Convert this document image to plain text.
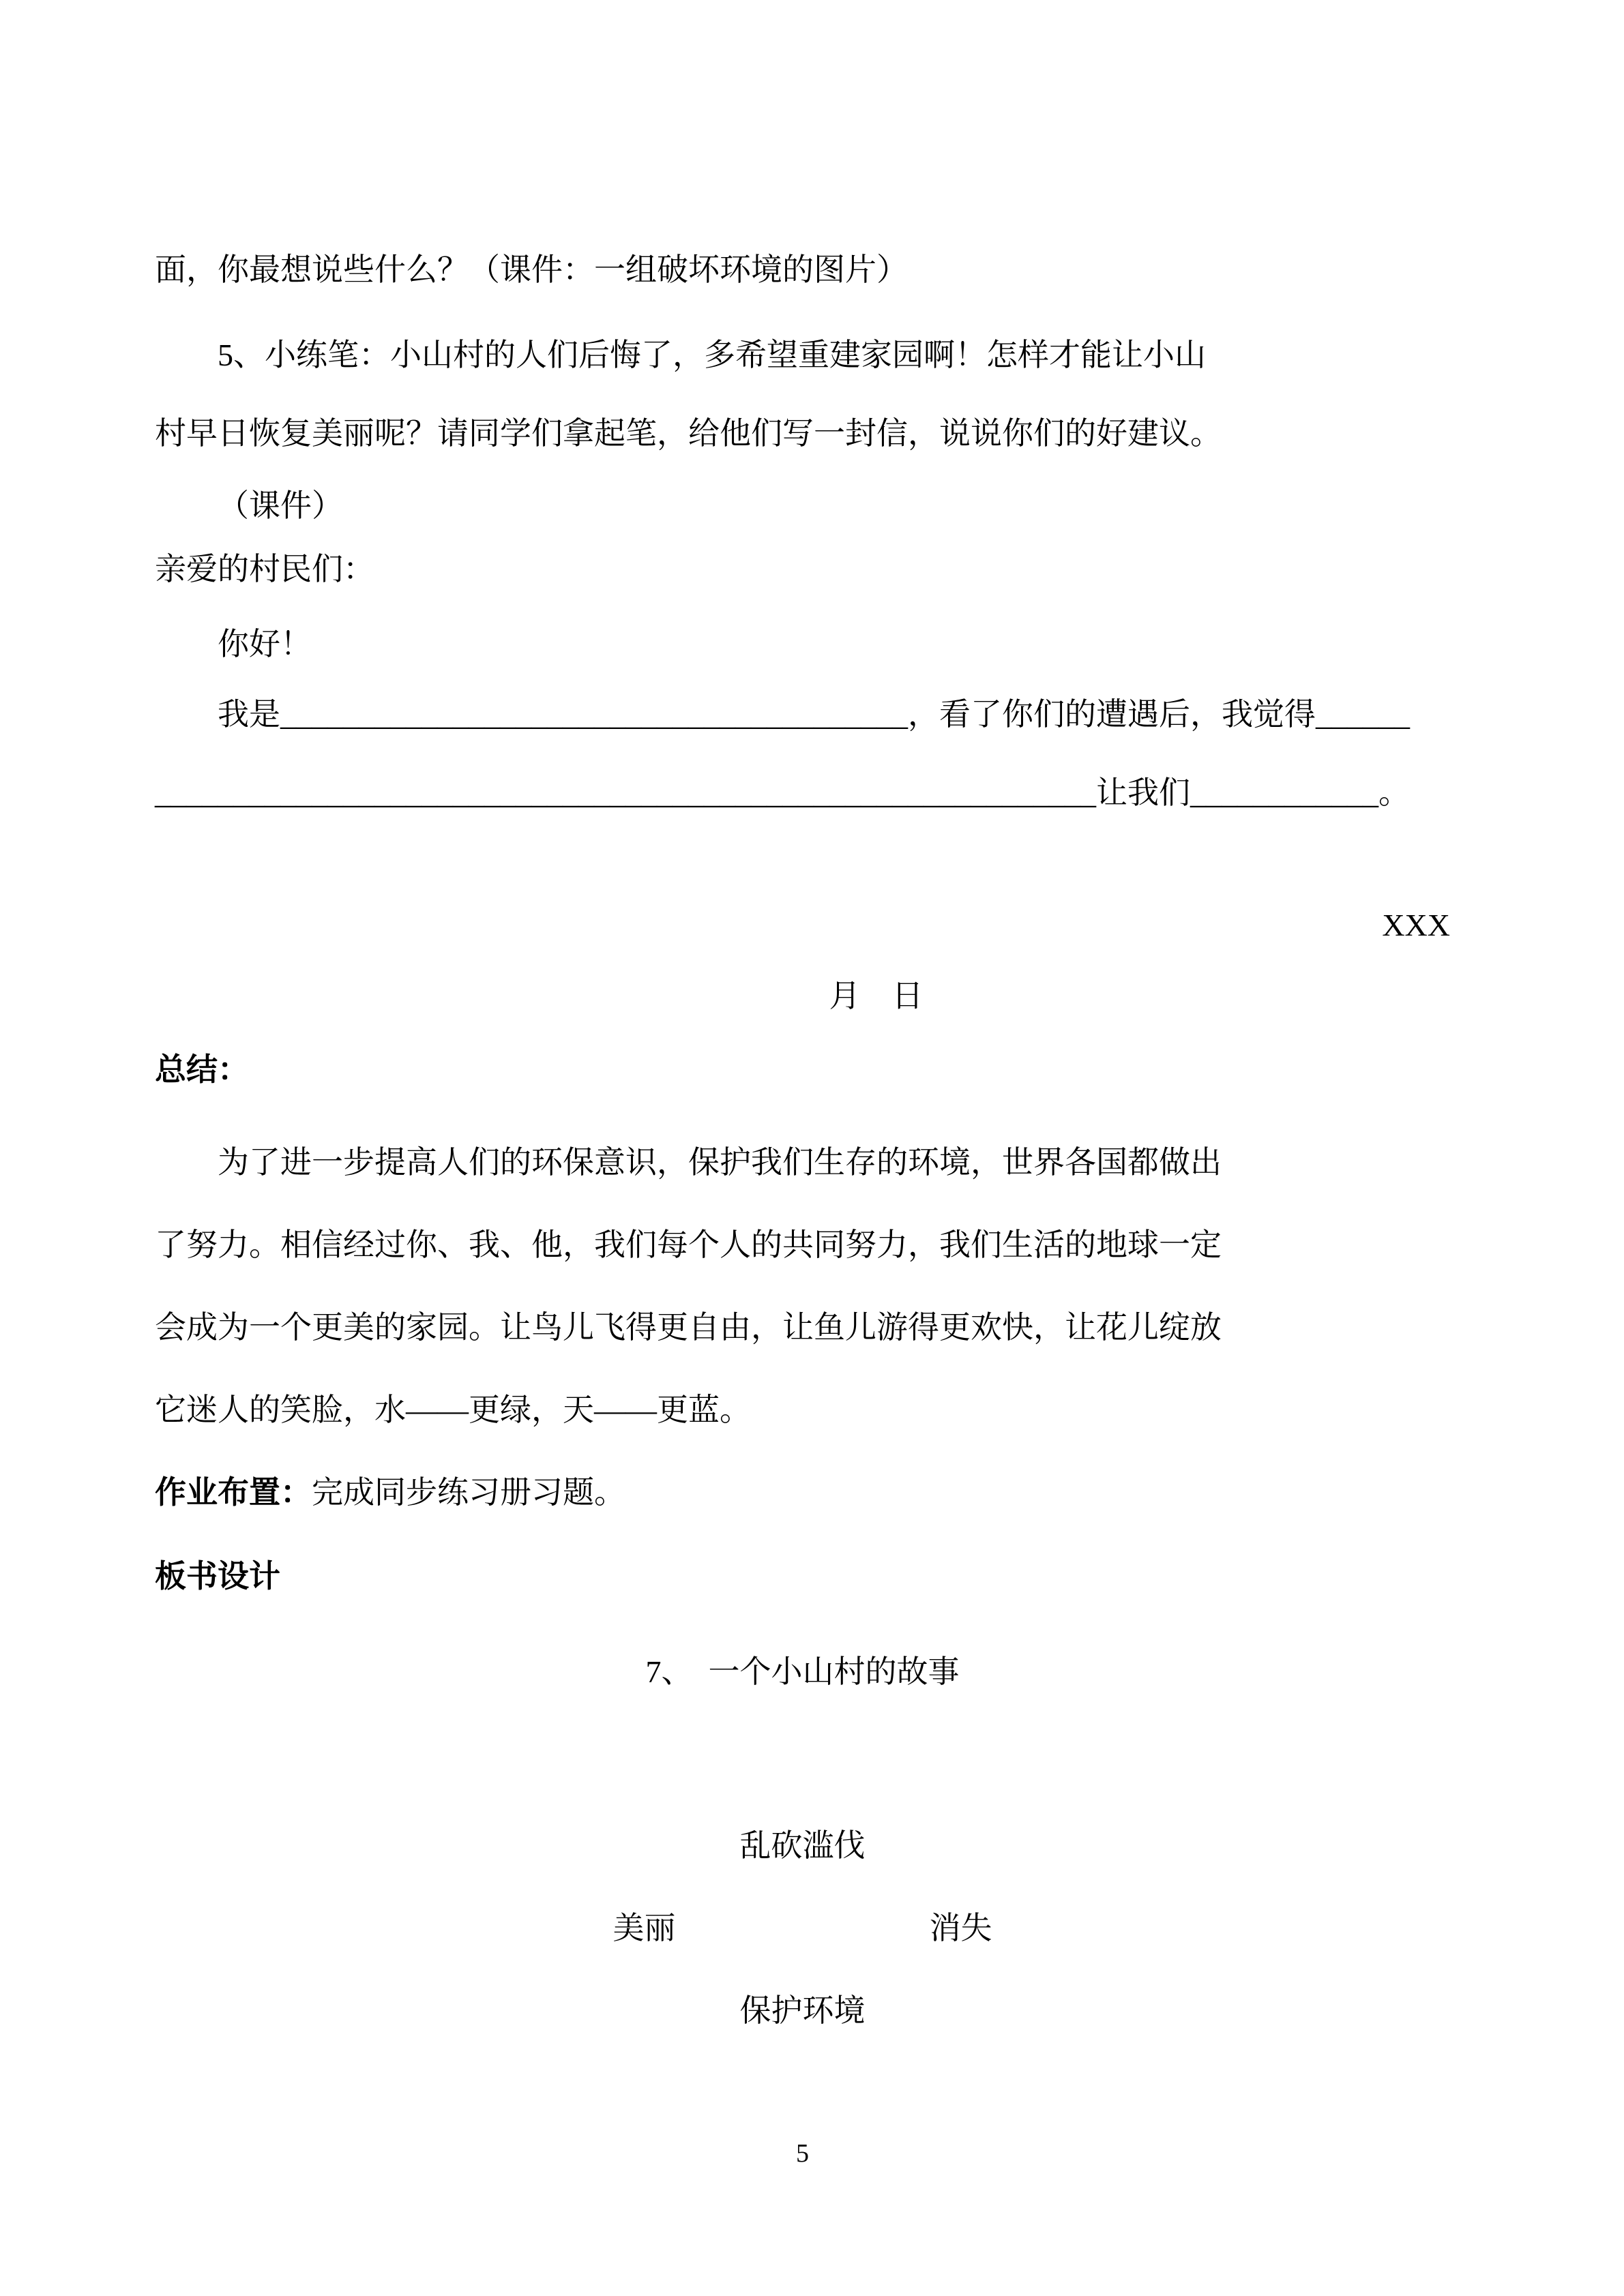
面，你最想说些什么？（课件：一组破坏环境的图片）
5、小练笔：小山村的人们后悔了，多希望重建家园啊！怎样才能让小山
村早日恢复美丽呢？请同学们拿起笔，给他们写一封信，说说你们的好建议。
（课件）
亲爱的村民们：
你好！
我是________________________________________，看了你们的遭遇后，我觉得______
____________________________________________________________让我们____________。
XXX
月　日
总结：
为了进一步提高人们的环保意识，保护我们生存的环境，世界各国都做出
了努力。相信经过你、我、他，我们每个人的共同努力，我们生活的地球一定
会成为一个更美的家园。让鸟儿飞得更自由，让鱼儿游得更欢快，让花儿绽放
它迷人的笑脸，水——更绿，天——更蓝。
作业布置：完成同步练习册习题。
板书设计
7、　一个小山村的故事
乱砍滥伐
美丽	消失
保护环境
5
